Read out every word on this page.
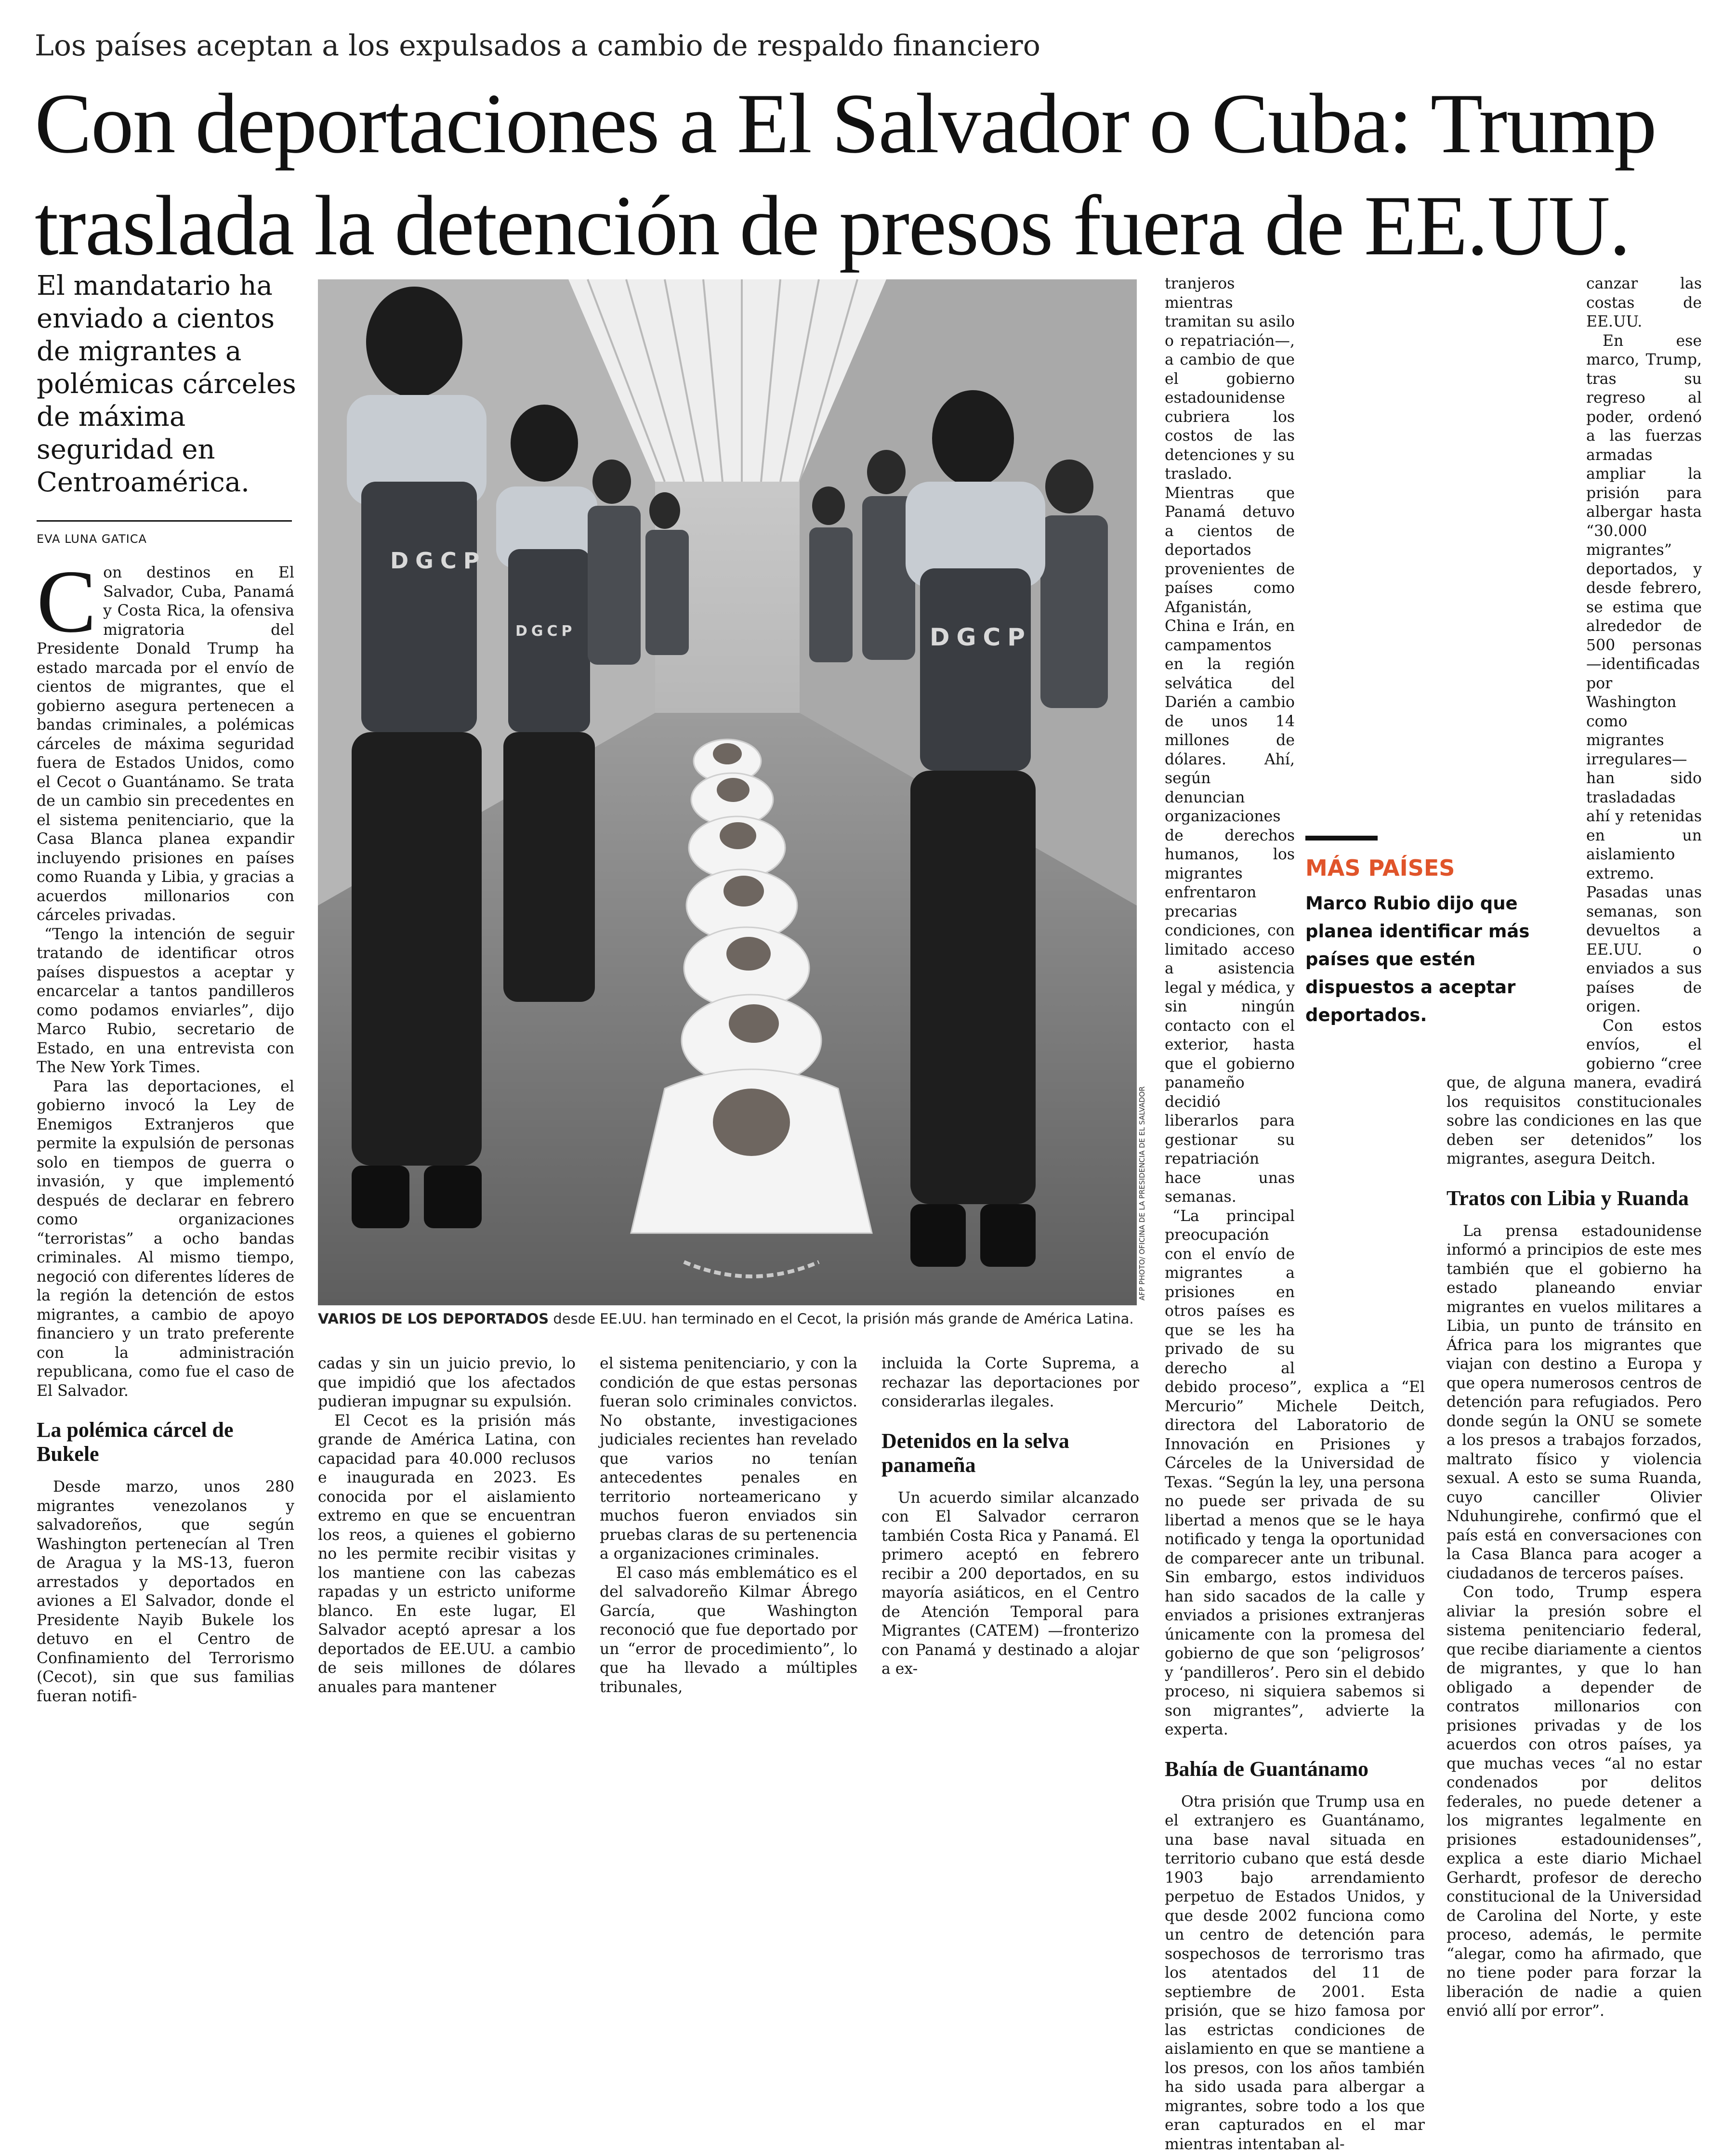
Los países aceptan a los expulsados a cambio de respaldo financiero
Con deportaciones a El Salvador o Cuba: Trump traslada la detención de presos fuera de EE.UU.
El mandatario ha enviado a cientos de migrantes a polémicas cárceles de máxima seguridad en Centroamérica.
EVA LUNA GATICA

Con destinos en El Salvador, Cuba, Panamá y Costa Rica, la ofensiva migratoria del Presidente Donald Trump ha estado marcada por el envío de cientos de migrantes, que el gobierno asegura pertenecen a bandas criminales, a polémicas cárceles de máxima seguridad fuera de Estados Unidos, como el Cecot o Guantánamo. Se trata de un cambio sin precedentes en el sistema penitenciario, que la Casa Blanca planea expandir incluyendo prisiones en países como Ruanda y Libia, y gracias a acuerdos millonarios con cárceles privadas.

“Tengo la intención de seguir tratando de identificar otros países dispuestos a aceptar y encarcelar a tantos pandilleros como podamos enviarles”, dijo Marco Rubio, secretario de Estado, en una entrevista con The New York Times.

Para las deportaciones, el gobierno invocó la Ley de Enemigos Extranjeros que permite la expulsión de personas solo en tiempos de guerra o invasión, y que implementó después de declarar en febrero como organizaciones “terroristas” a ocho bandas criminales. Al mismo tiempo, negoció con diferentes líderes de la región la detención de estos migrantes, a cambio de apoyo financiero y un trato preferente con la administración republicana, como fue el caso de El Salvador.

La polémica cárcel de Bukele

Desde marzo, unos 280 migrantes venezolanos y salvadoreños, que según Washington pertenecían al Tren de Aragua y la MS-13, fueron arrestados y deportados en aviones a El Salvador, donde el Presidente Nayib Bukele los detuvo en el Centro de Confinamiento del Terrorismo (Cecot), sin que sus familias fueran notifi-

DGCP
DGCP
DGCP
AFP PHOTO/ OFICINA DE LA PRESIDENCIA DE EL SALVADOR
VARIOS DE LOS DEPORTADOS desde EE.UU. han terminado en el Cecot, la prisión más grande de América Latina.

cadas y sin un juicio previo, lo que impidió que los afectados pudieran impugnar su expulsión.

El Cecot es la prisión más grande de América Latina, con capacidad para 40.000 reclusos e inaugurada en 2023. Es conocida por el aislamiento extremo en que se encuentran los reos, a quienes el gobierno no les permite recibir visitas y los mantiene con las cabezas rapadas y un estricto uniforme blanco. En este lugar, El Salvador aceptó apresar a los deportados de EE.UU. a cambio de seis millones de dólares anuales para mantener

el sistema penitenciario, y con la condición de que estas personas fueran solo criminales convictos. No obstante, investigaciones judiciales recientes han revelado que varios no tenían antecedentes penales en territorio norteamericano y muchos fueron enviados sin pruebas claras de su pertenencia a organizaciones criminales.

El caso más emblemático es el del salvadoreño Kilmar Ábrego García, que Washington reconoció que fue deportado por un “error de procedimiento”, lo que ha llevado a múltiples tribunales,

incluida la Corte Suprema, a rechazar las deportaciones por considerarlas ilegales.

Detenidos en la selva panameña

Un acuerdo similar alcanzado con El Salvador cerraron también Costa Rica y Panamá. El primero aceptó en febrero recibir a 200 deportados, en su mayoría asiáticos, en el Centro de Atención Temporal para Migrantes (CATEM) —fronterizo con Panamá y destinado a alojar a ex-

tranjeros mientras tramitan su asilo o repatriación—, a cambio de que el gobierno estadounidense cubriera los costos de las detenciones y su traslado. Mientras que Panamá detuvo a cientos de deportados provenientes de países como Afganistán, China e Irán, en campamentos en la región selvática del Darién a cambio de unos 14 millones de dólares. Ahí, según denuncian organizaciones de derechos humanos, los migrantes enfrentaron precarias condiciones, con limitado acceso a asistencia legal y médica, y sin ningún contacto con el exterior, hasta que el gobierno panameño decidió liberarlos para gestionar su repatriación hace unas semanas.

“La principal preocupación con el envío de migrantes a prisiones en otros países es que se les ha privado de su derecho al debido proceso”, explica a “El Mercurio” Michele Deitch, directora del Laboratorio de Innovación en Prisiones y Cárceles de la Universidad de Texas. “Según la ley, una persona no puede ser privada de su libertad a menos que se le haya notificado y tenga la oportunidad de comparecer ante un tribunal. Sin embargo, estos individuos han sido sacados de la calle y enviados a prisiones extranjeras únicamente con la promesa del gobierno de que son ‘peligrosos’ y ‘pandilleros’. Pero sin el debido proceso, ni siquiera sabemos si son migrantes”, advierte la experta.

Bahía de Guantánamo

Otra prisión que Trump usa en el extranjero es Guantánamo, una base naval situada en territorio cubano que está desde 1903 bajo arrendamiento perpetuo de Estados Unidos, y que desde 2002 funciona como un centro de detención para sospechosos de terrorismo tras los atentados del 11 de septiembre de 2001. Esta prisión, que se hizo famosa por las estrictas condiciones de aislamiento en que se mantiene a los presos, con los años también ha sido usada para albergar a migrantes, sobre todo a los que eran capturados en el mar mientras intentaban al-

canzar las costas de EE.UU.

En ese marco, Trump, tras su regreso al poder, ordenó a las fuerzas armadas ampliar la prisión para albergar hasta “30.000 migrantes” deportados, y desde febrero, se estima que alrededor de 500 personas —identificadas por Washington como migrantes irregulares— han sido trasladadas ahí y retenidas en un aislamiento extremo. Pasadas unas semanas, son devueltos a EE.UU. o enviados a sus países de origen.

Con estos envíos, el gobierno “cree que, de alguna manera, evadirá los requisitos constitucionales sobre las condiciones en las que deben ser detenidos” los migrantes, asegura Deitch.

Tratos con Libia y Ruanda

La prensa estadounidense informó a principios de este mes también que el gobierno ha estado planeando enviar migrantes en vuelos militares a Libia, un punto de tránsito en África para los migrantes que viajan con destino a Europa y que opera numerosos centros de detención para refugiados. Pero donde según la ONU se somete a los presos a trabajos forzados, maltrato físico y violencia sexual. A esto se suma Ruanda, cuyo canciller Olivier Nduhungirehe, confirmó que el país está en conversaciones con la Casa Blanca para acoger a ciudadanos de terceros países.

Con todo, Trump espera aliviar la presión sobre el sistema penitenciario federal, que recibe diariamente a cientos de migrantes, y que lo han obligado a depender de contratos millonarios con prisiones privadas y de los acuerdos con otros países, ya que muchas veces “al no estar condenados por delitos federales, no puede detener a los migrantes legalmente en prisiones estadounidenses”, explica a este diario Michael Gerhardt, profesor de derecho constitucional de la Universidad de Carolina del Norte, y este proceso, además, le permite “alegar, como ha afirmado, que no tiene poder para forzar la liberación de nadie a quien envió allí por error”.

MÁS PAÍSES
Marco Rubio dijo que planea identificar más países que estén dispuestos a aceptar deportados.
